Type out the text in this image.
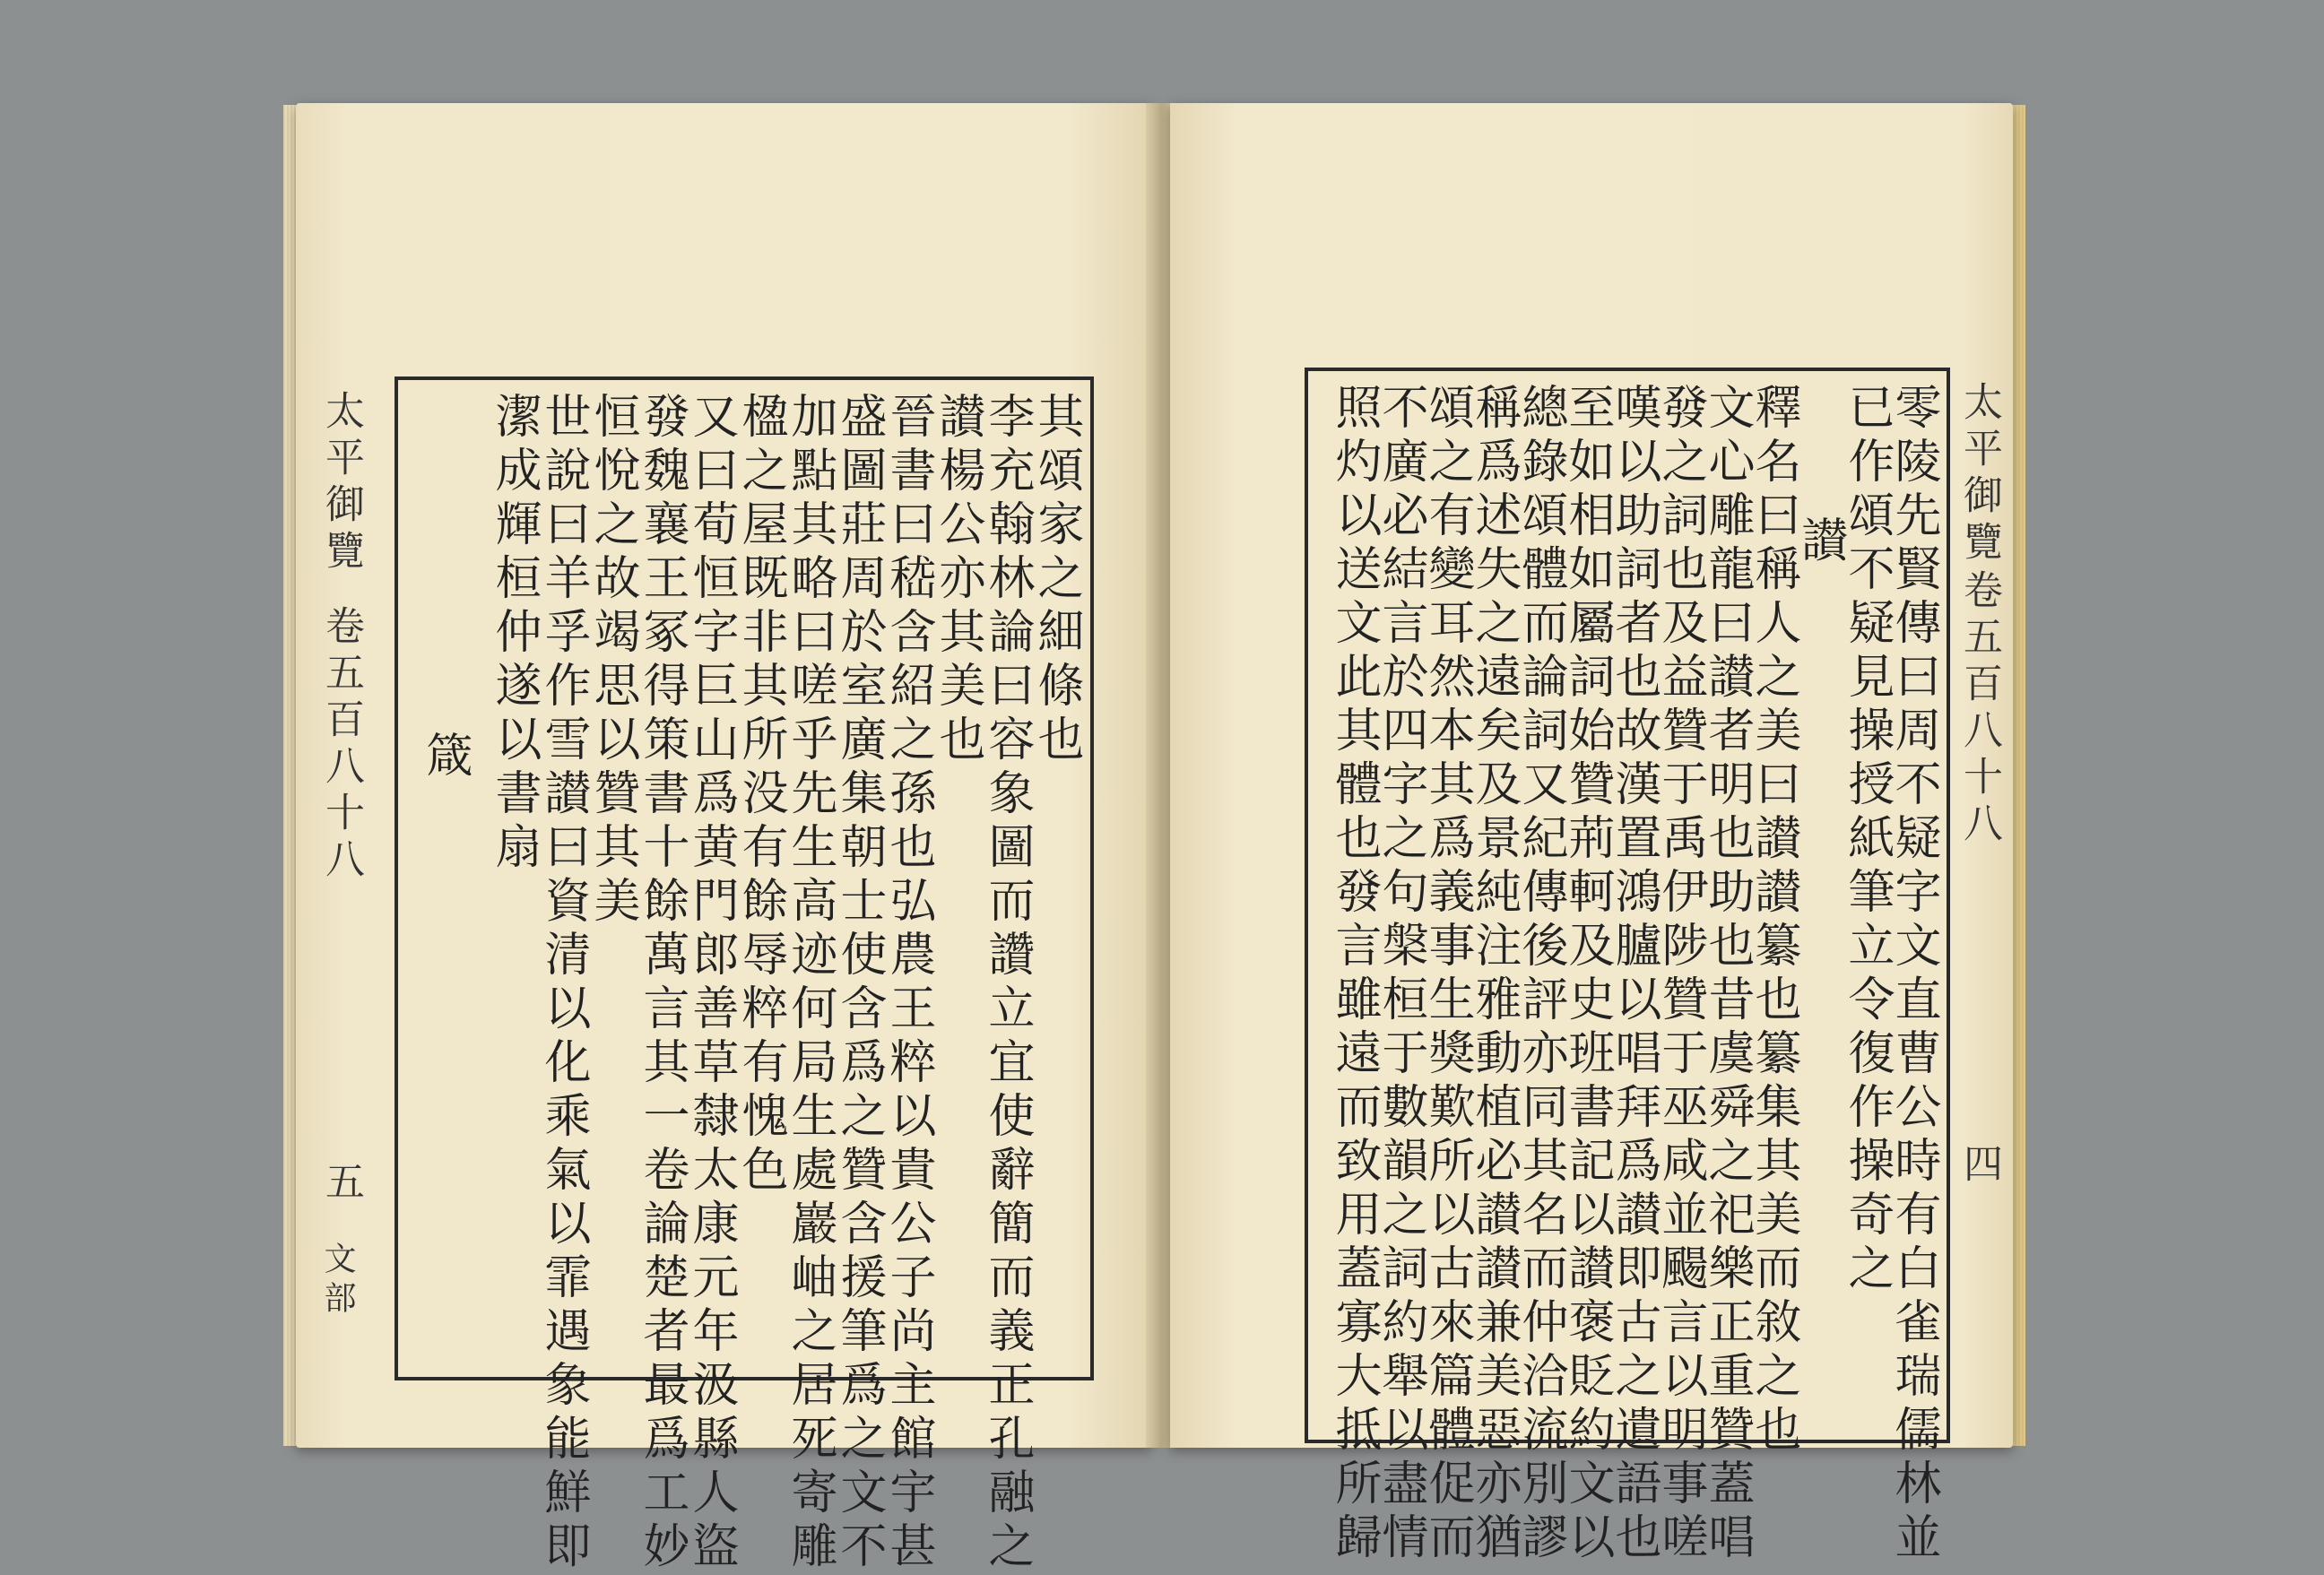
太平御覽
卷五百八十八
五
文部
其頌家之細條也
李充翰林論曰容象圖而讚立宜使辭簡而義正孔融之
讃楊公亦其美也
晉書曰嵇含紹之孫也弘農王粹以貴公子尚主館宇甚
盛圖莊周於室廣集朝士使含爲之贊含援筆爲之文不
加點其略曰嗟乎先生高迹何局生處巖岫之居死寄雕
楹之屋既非其所没有餘辱粹有愧色
又曰荀恒字巨山爲黄門郎善草隸太康元年汲縣人盜
發魏襄王冢得策書十餘萬言其一卷論楚者最爲工妙
恒悅之故竭思以贊其美
世說曰羊孚作雪讃曰資清以化乘氣以霏遇象能鮮即
潔成輝桓仲遂以書扇
箴
太平御覽
卷五百八十八
四
零陵先賢傳曰周不疑字文直曹公時有白雀瑞儒林並
已作頌不疑見操授紙筆立令復作操奇之
讃
釋名曰稱人之美曰讃讃纂也纂集其美而敘之也
文心雕龍曰讃者明也助也昔虞舜之祀樂正重贊蓋唱
發之詞也及益贊于禹伊陟贊于巫咸並颺言以明事嗟
嘆以助詞者也故漢置鴻臚以唱拜爲讃即古之遺語也
至如相如屬詞始贊荊軻及史班書記以讃褒貶約文以
總錄頌體而論詞又紀傳後評亦同其名而仲洽流別謬
稱爲述失之遠矣及景純注雅動植必讃讃兼美惡亦猶
頌之有變耳然本其爲義事生獎歎所以古來篇體促而
不廣必結言於四字之句槃桓于數韻之詞約舉以盡情
照灼以送文此其體也發言雖遠而致用蓋寡大抵所歸
